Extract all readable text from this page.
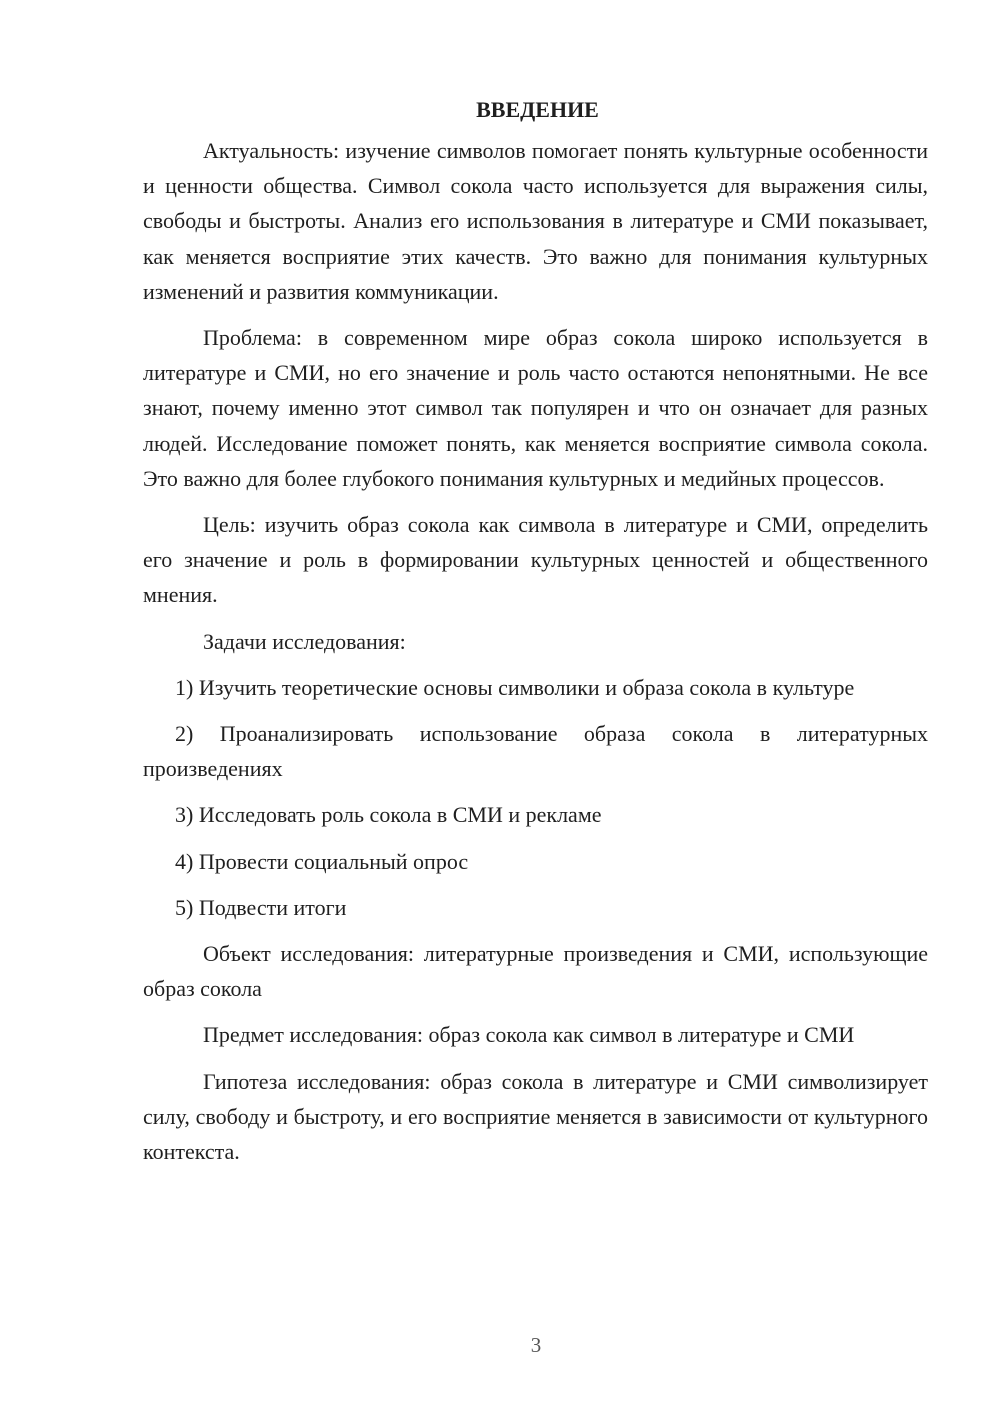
ВВЕДЕНИЕ

Актуальность: изучение символов помогает понять культурные особенности и ценности общества. Символ сокола часто используется для выражения силы, свободы и быстроты. Анализ его использования в литературе и СМИ показывает, как меняется восприятие этих качеств. Это важно для понимания культурных изменений и развития коммуникации.

Проблема: в современном мире образ сокола широко используется в литературе и СМИ, но его значение и роль часто остаются непонятными. Не все знают, почему именно этот символ так популярен и что он означает для разных людей. Исследование поможет понять, как меняется восприятие символа сокола. Это важно для более глубокого понимания культурных и медийных процессов.

Цель: изучить образ сокола как символа в литературе и СМИ, определить его значение и роль в формировании культурных ценностей и общественного мнения.

Задачи исследования:

1) Изучить теоретические основы символики и образа сокола в культуре

2) Проанализировать использование образа сокола в литературных произведениях

3) Исследовать роль сокола в СМИ и рекламе

4) Провести социальный опрос

5) Подвести итоги

Объект исследования: литературные произведения и СМИ, использующие образ сокола

Предмет исследования: образ сокола как символ в литературе и СМИ

Гипотеза исследования: образ сокола в литературе и СМИ символизирует силу, свободу и быстроту, и его восприятие меняется в зависимости от культурного контекста.

3
